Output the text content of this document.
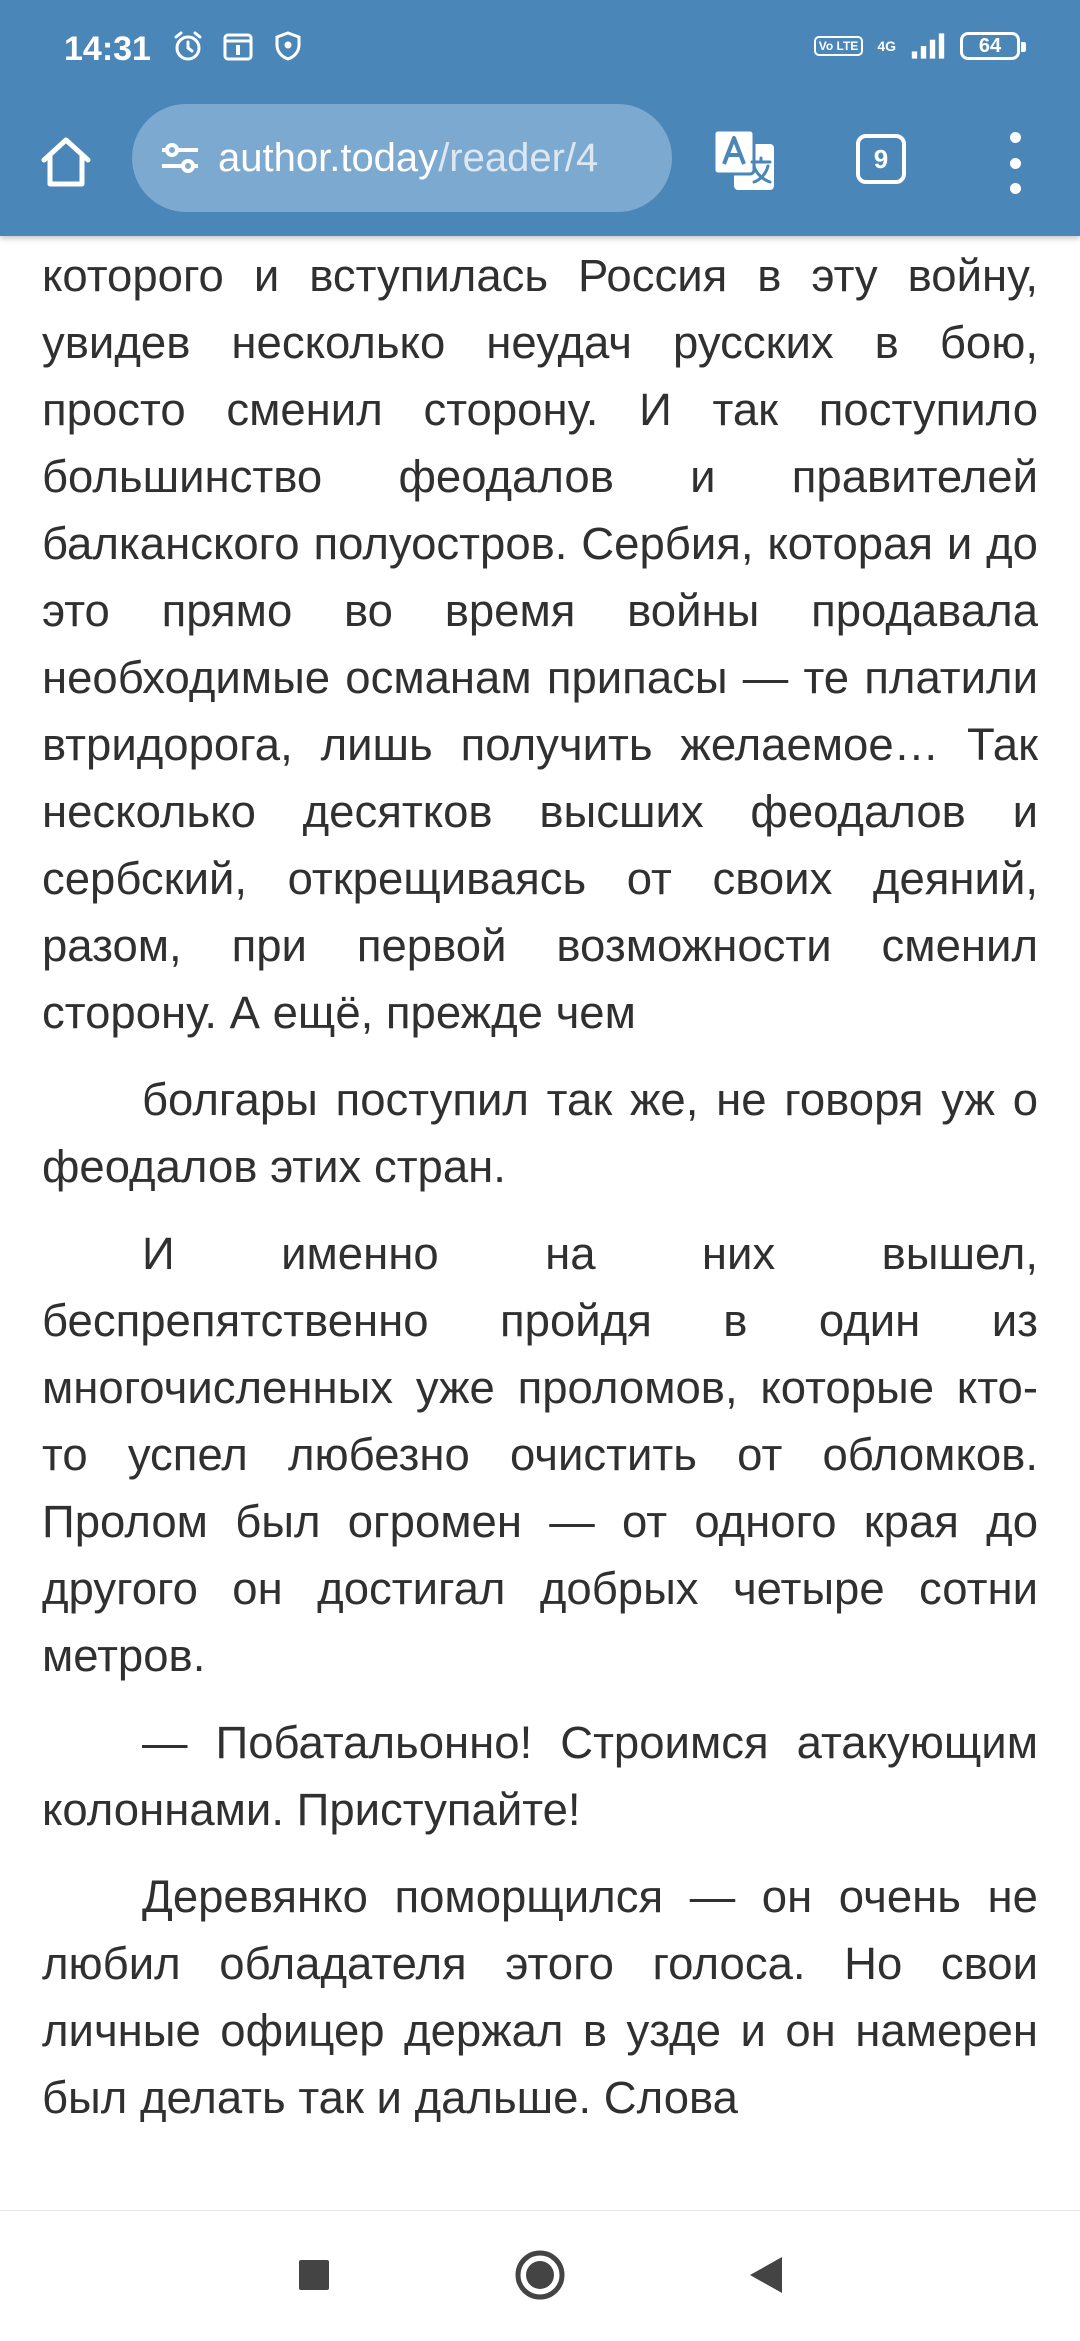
14:31	Vo LTE	4G	64
author.today/reader/4	9

которого и вступилась Россия в эту войну, увидев несколько неудач русских в бою, просто сменил сторону. И так поступило большинство феодалов и правителей балканского полуостров. Сербия, которая и до это прямо во время войны продавала необходимые османам припасы — те платили втридорога, лишь получить желаемое… Так несколько десятков высших феодалов и сербский, открещиваясь от своих деяний, разом, при первой возможности сменил сторону. А ещё, прежде чем

болгары поступил так же, не говоря уж о феодалов этих стран.

И именно на них вышел, беспрепятственно пройдя в один из многочисленных уже проломов, которые кто-то успел любезно очистить от обломков. Пролом был огромен — от одного края до другого он достигал добрых четыре сотни метров.

— Побатальонно! Строимся атакующим колоннами. Приступайте!

Деревянко поморщился — он очень не любил обладателя этого голоса. Но свои личные офицер держал в узде и он намерен был делать так и дальше. Слова
